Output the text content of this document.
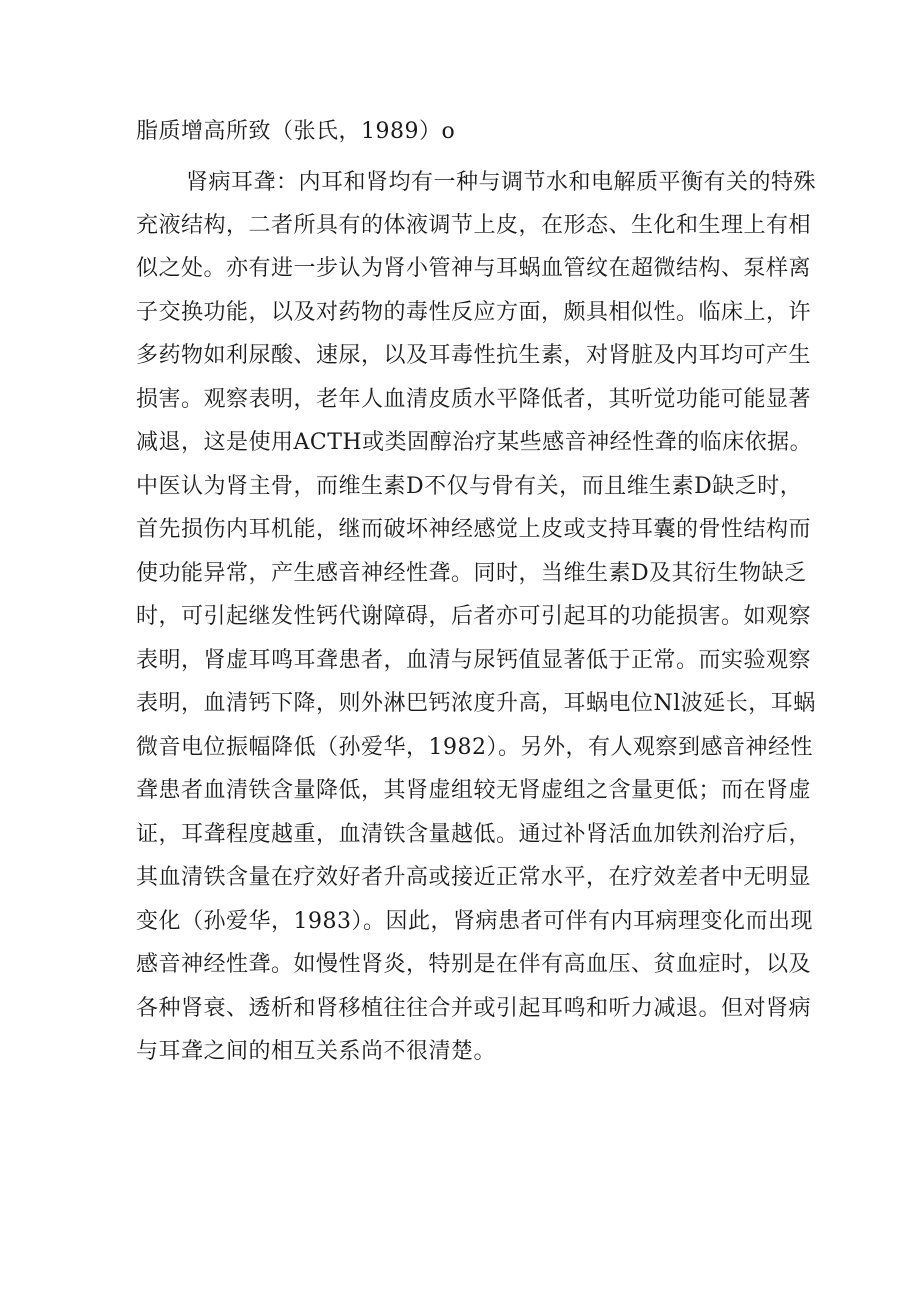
脂质增高所致（张氏，1989）o
肾病耳聋：内耳和肾均有一种与调节水和电解质平衡有关的特殊
充液结构，二者所具有的体液调节上皮，在形态、生化和生理上有相
似之处。亦有进一步认为肾小管神与耳蜗血管纹在超微结构、泵样离
子交换功能，以及对药物的毒性反应方面，颇具相似性。临床上，许
多药物如利尿酸、速尿，以及耳毒性抗生素，对肾脏及内耳均可产生
损害。观察表明，老年人血清皮质水平降低者，其听觉功能可能显著
减退，这是使用ACTH或类固醇治疗某些感音神经性聋的临床依据。
中医认为肾主骨，而维生素D不仅与骨有关，而且维生素D缺乏时，
首先损伤内耳机能，继而破坏神经感觉上皮或支持耳囊的骨性结构而
使功能异常，产生感音神经性聋。同时，当维生素D及其衍生物缺乏
时，可引起继发性钙代谢障碍，后者亦可引起耳的功能损害。如观察
表明，肾虚耳鸣耳聋患者，血清与尿钙值显著低于正常。而实验观察
表明，血清钙下降，则外淋巴钙浓度升高，耳蜗电位Nl波延长，耳蜗
微音电位振幅降低（孙爱华，1982）。另外，有人观察到感音神经性
聋患者血清铁含量降低，其肾虚组较无肾虚组之含量更低；而在肾虚
证，耳聋程度越重，血清铁含量越低。通过补肾活血加铁剂治疗后，
其血清铁含量在疗效好者升高或接近正常水平，在疗效差者中无明显
变化（孙爱华，1983）。因此，肾病患者可伴有内耳病理变化而出现
感音神经性聋。如慢性肾炎，特别是在伴有高血压、贫血症时，以及
各种肾衰、透析和肾移植往往合并或引起耳鸣和听力减退。但对肾病
与耳聋之间的相互关系尚不很清楚。
